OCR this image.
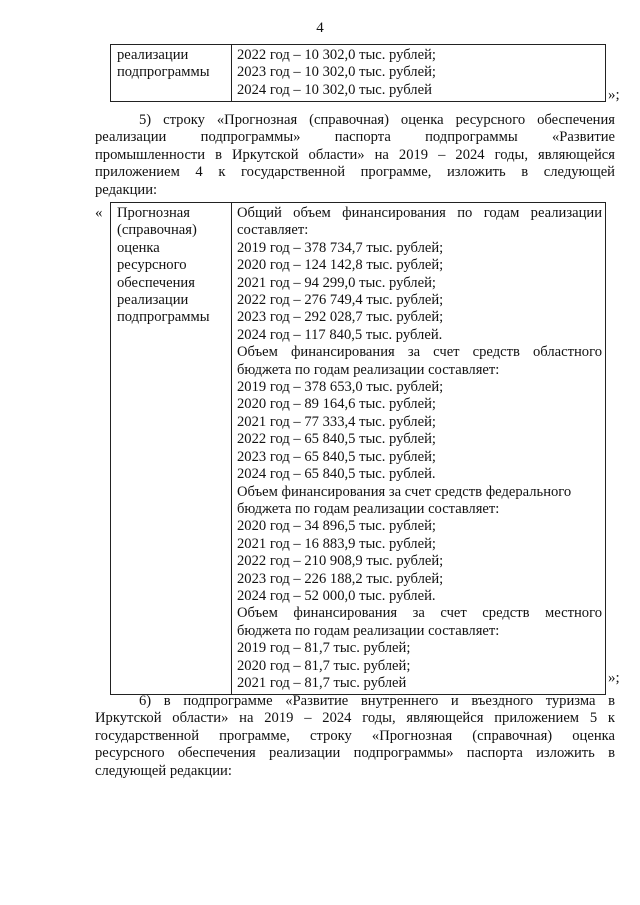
4
реализации
подпрограммы
2022 год – 10 302,0 тыс. рублей;
2023 год – 10 302,0 тыс. рублей;
2024 год – 10 302,0 тыс. рублей	»;
5) строку «Прогнозная (справочная) оценка ресурсного обеспечения
реализации подпрограммы» паспорта подпрограммы «Развитие
промышленности в Иркутской области» на 2019 – 2024 годы, являющейся
приложением 4 к государственной программе, изложить в следующей
редакции:
« Прогнозная
(справочная)
оценка
ресурсного
обеспечения
реализации
подпрограммы
Общий объем финансирования по годам реализации
составляет:
2019 год – 378 734,7 тыс. рублей;
2020 год – 124 142,8 тыс. рублей;
2021 год – 94 299,0 тыс. рублей;
2022 год – 276 749,4 тыс. рублей;
2023 год – 292 028,7 тыс. рублей;
2024 год – 117 840,5 тыс. рублей.
Объем финансирования за счет средств областного
бюджета по годам реализации составляет:
2019 год – 378 653,0 тыс. рублей;
2020 год – 89 164,6 тыс. рублей;
2021 год – 77 333,4 тыс. рублей;
2022 год – 65 840,5 тыс. рублей;
2023 год – 65 840,5 тыс. рублей;
2024 год – 65 840,5 тыс. рублей.
Объем финансирования за счет средств федерального
бюджета по годам реализации составляет:
2020 год – 34 896,5 тыс. рублей;
2021 год – 16 883,9 тыс. рублей;
2022 год – 210 908,9 тыс. рублей;
2023 год – 226 188,2 тыс. рублей;
2024 год – 52 000,0 тыс. рублей.
Объем финансирования за счет средств местного
бюджета по годам реализации составляет:
2019 год – 81,7 тыс. рублей;
2020 год – 81,7 тыс. рублей;
2021 год – 81,7 тыс. рублей	»;
6) в подпрограмме «Развитие внутреннего и въездного туризма в
Иркутской области» на 2019 – 2024 годы, являющейся приложением 5 к
государственной программе, строку «Прогнозная (справочная) оценка
ресурсного обеспечения реализации подпрограммы» паспорта изложить в
следующей редакции:
